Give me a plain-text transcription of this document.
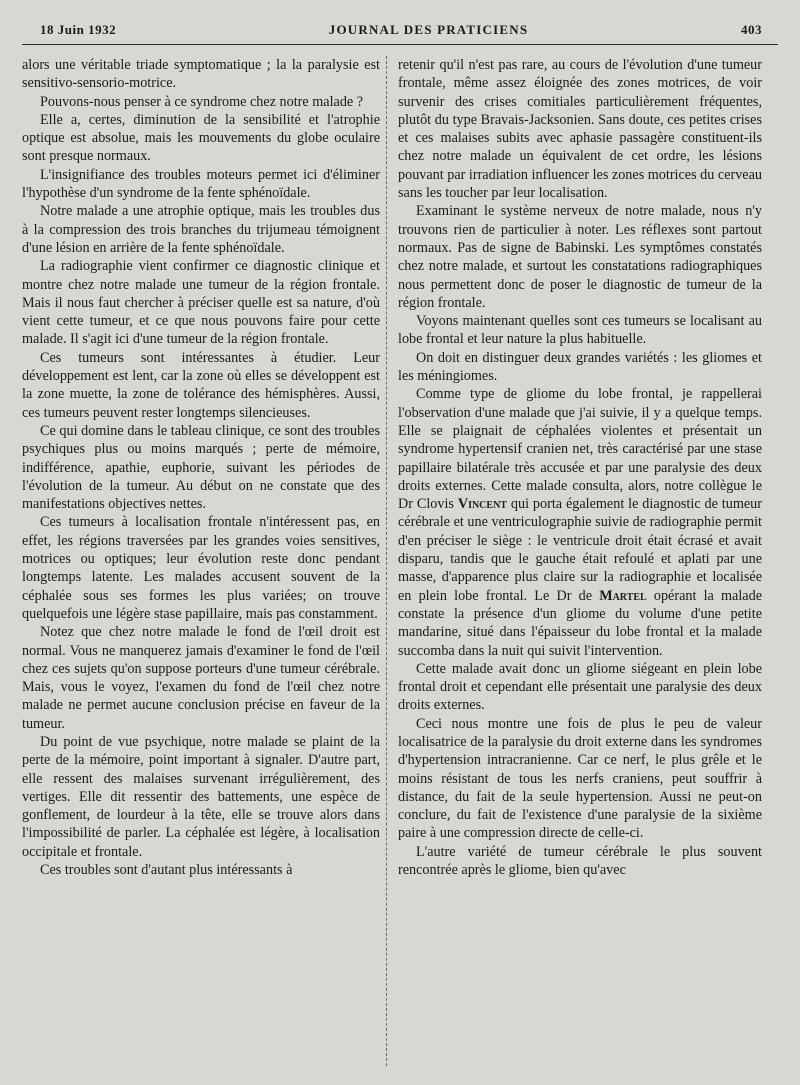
18 Juin 1932	JOURNAL DES PRATICIENS	403

alors une véritable triade symptomatique ; la la paralysie est sensitivo-sensorio-motrice.

Pouvons-nous penser à ce syndrome chez notre malade ?

Elle a, certes, diminution de la sensibilité et l'atrophie optique est absolue, mais les mouvements du globe oculaire sont presque normaux.

L'insignifiance des troubles moteurs permet ici d'éliminer l'hypothèse d'un syndrome de la fente sphénoïdale.

Notre malade a une atrophie optique, mais les troubles dus à la compression des trois branches du trijumeau témoignent d'une lésion en arrière de la fente sphénoïdale.

La radiographie vient confirmer ce diagnostic clinique et montre chez notre malade une tumeur de la région frontale. Mais il nous faut chercher à préciser quelle est sa nature, d'où vient cette tumeur, et ce que nous pouvons faire pour cette malade. Il s'agit ici d'une tumeur de la région frontale.

Ces tumeurs sont intéressantes à étudier. Leur développement est lent, car la zone où elles se développent est la zone muette, la zone de tolérance des hémisphères. Aussi, ces tumeurs peuvent rester longtemps silencieuses.

Ce qui domine dans le tableau clinique, ce sont des troubles psychiques plus ou moins marqués ; perte de mémoire, indifférence, apathie, euphorie, suivant les périodes de l'évolution de la tumeur. Au début on ne constate que des manifestations objectives nettes.

Ces tumeurs à localisation frontale n'intéressent pas, en effet, les régions traversées par les grandes voies sensitives, motrices ou optiques; leur évolution reste donc pendant longtemps latente. Les malades accusent souvent de la céphalée sous ses formes les plus variées; on trouve quelquefois une légère stase papillaire, mais pas constamment.

Notez que chez notre malade le fond de l'œil droit est normal. Vous ne manquerez jamais d'examiner le fond de l'œil chez ces sujets qu'on suppose porteurs d'une tumeur cérébrale. Mais, vous le voyez, l'examen du fond de l'œil chez notre malade ne permet aucune conclusion précise en faveur de la tumeur.

Du point de vue psychique, notre malade se plaint de la perte de la mémoire, point important à signaler. D'autre part, elle ressent des malaises survenant irrégulièrement, des vertiges. Elle dit ressentir des battements, une espèce de gonflement, de lourdeur à la tête, elle se trouve alors dans l'impossibilité de parler. La céphalée est légère, à localisation occipitale et frontale.

Ces troubles sont d'autant plus intéressants à

retenir qu'il n'est pas rare, au cours de l'évolution d'une tumeur frontale, même assez éloignée des zones motrices, de voir survenir des crises comitiales particulièrement fréquentes, plutôt du type Bravais-Jacksonien. Sans doute, ces petites crises et ces malaises subits avec aphasie passagère constituent-ils chez notre malade un équivalent de cet ordre, les lésions pouvant par irradiation influencer les zones motrices du cerveau sans les toucher par leur localisation.

Examinant le système nerveux de notre malade, nous n'y trouvons rien de particulier à noter. Les réflexes sont partout normaux. Pas de signe de Babinski. Les symptômes constatés chez notre malade, et surtout les constatations radiographiques nous permettent donc de poser le diagnostic de tumeur de la région frontale.

Voyons maintenant quelles sont ces tumeurs se localisant au lobe frontal et leur nature la plus habituelle.

On doit en distinguer deux grandes variétés : les gliomes et les méningiomes.

Comme type de gliome du lobe frontal, je rappellerai l'observation d'une malade que j'ai suivie, il y a quelque temps. Elle se plaignait de céphalées violentes et présentait un syndrome hypertensif cranien net, très caractérisé par une stase papillaire bilatérale très accusée et par une paralysie des deux droits externes. Cette malade consulta, alors, notre collègue le Dr Clovis Vincent qui porta également le diagnostic de tumeur cérébrale et une ventriculographie suivie de radiographie permit d'en préciser le siège : le ventricule droit était écrasé et avait disparu, tandis que le gauche était refoulé et aplati par une masse, d'apparence plus claire sur la radiographie et localisée en plein lobe frontal. Le Dr de Martel opérant la malade constate la présence d'un gliome du volume d'une petite mandarine, situé dans l'épaisseur du lobe frontal et la malade succomba dans la nuit qui suivit l'intervention.

Cette malade avait donc un gliome siégeant en plein lobe frontal droit et cependant elle présentait une paralysie des deux droits externes.

Ceci nous montre une fois de plus le peu de valeur localisatrice de la paralysie du droit externe dans les syndromes d'hypertension intracranienne. Car ce nerf, le plus grêle et le moins résistant de tous les nerfs craniens, peut souffrir à distance, du fait de la seule hypertension. Aussi ne peut-on conclure, du fait de l'existence d'une paralysie de la sixième paire à une compression directe de celle-ci.

L'autre variété de tumeur cérébrale le plus souvent rencontrée après le gliome, bien qu'avec
